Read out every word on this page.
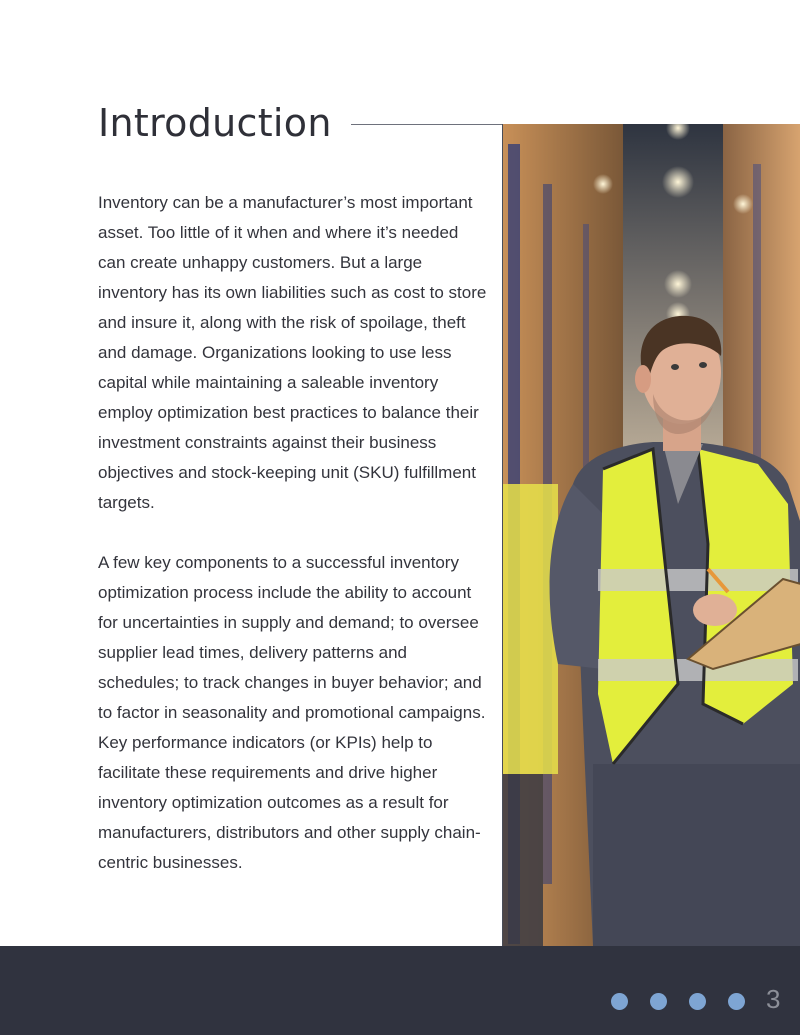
Introduction

Inventory can be a manufacturer’s most important asset. Too little of it when and where it’s needed can create unhappy customers. But a large inventory has its own liabilities such as cost to store and insure it, along with the risk of spoilage, theft and damage. Organizations looking to use less capital while maintaining a saleable inventory employ optimization best practices to balance their investment constraints against their business objectives and stock-keeping unit (SKU) fulfillment targets.

A few key components to a successful inventory optimization process include the ability to account for uncertainties in supply and demand; to oversee supplier lead times, delivery patterns and schedules; to track changes in buyer behavior; and to factor in seasonality and promotional campaigns. Key performance indicators (or KPIs) help to facilitate these requirements and drive higher inventory optimization outcomes as a result for manufacturers, distributors and other supply chain-centric businesses.

3
